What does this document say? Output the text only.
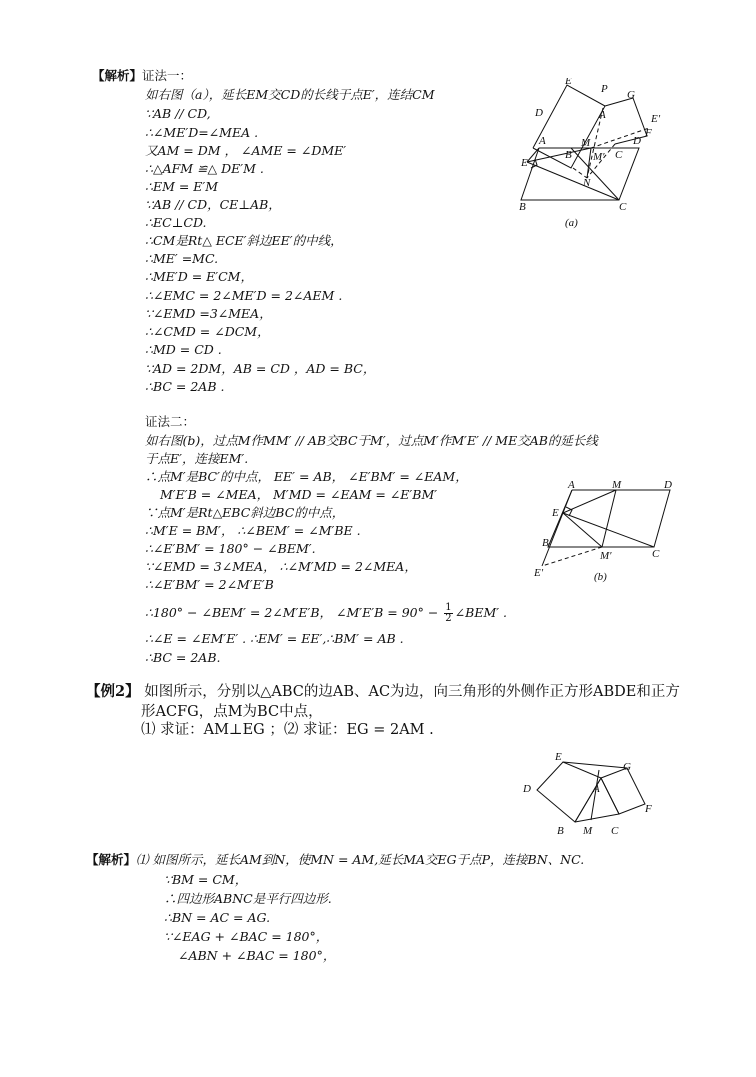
【解析】证法一：
如右图（a），延长EM交CD的长线于点E′，连结CM
∵AB // CD,
∴∠ME′D=∠MEA .
又AM = DM ， ∠AME = ∠DME′
∴△AFM ≌△ DE′M .
∴EM = E′M
∵AB // CD，CE⊥AB，
∴EC⊥CD.
∴CM是Rt△ ECE′斜边EE′的中线，
∴ME′ =MC.
∴ME′D = E′CM，
∴∠EMC = 2∠ME′D = 2∠AEM .
∵∠EMD =3∠MEA，
∴∠CMD = ∠DCM，
∴MD = CD .
∵AD = 2DM，AB = CD ，AD = BC，
∴BC = 2AB .
E
P G
D
A
A	E′
F
D
E
B
M
M′ C
N
B	C
(a)
证法二：
如右图(b)，过点M作MM′ // AB交BC于M′，过点M′作M′E′ // ME交AB的延长线
于点E′，连接EM′.
∴点M′是BC′的中点， EE′ = AB， ∠E′BM′ = ∠EAM，
M′E′B = ∠MEA， M′MD = ∠EAM = ∠E′BM′
∵点M′是Rt△EBC斜边BC的中点，
∴M′E = BM′， ∴∠BEM′ = ∠M′BE .
∴∠E′BM′ = 180° − ∠BEM′.
∵∠EMD = 3∠MEA， ∴∠M′MD = 2∠MEA，
∴∠E′BM′ = 2∠M′E′B
∴180° − ∠BEM′ = 2∠M′E′B， ∠M′E′B = $90^\circ - \frac{1}{2}$ ∠BEM′ .
∴∠E = ∠EM′E′ . ∴EM′ = EE′,∴BM′ = AB .
∴BC = 2AB.
A	M	D
E
B
M′	C
E′	(b)
【例2】 如图所示，分别以△ABC的边AB、AC为边，向三角形的外侧作正方形ABDE和正方
形ACFG，点M为BC中点，
⑴ 求证：AM⊥EG ；⑵ 求证：EG = 2AM .
E
G
D	A
F
B M C
【解析】⑴ 如图所示，延长AM到N，使MN = AM,延长MA交EG于点P，连接BN、NC.
∵BM = CM，
∴四边形ABNC是平行四边形.
∴BN = AC = AG.
∵∠EAG + ∠BAC = 180°，
∠ABN + ∠BAC = 180°，
